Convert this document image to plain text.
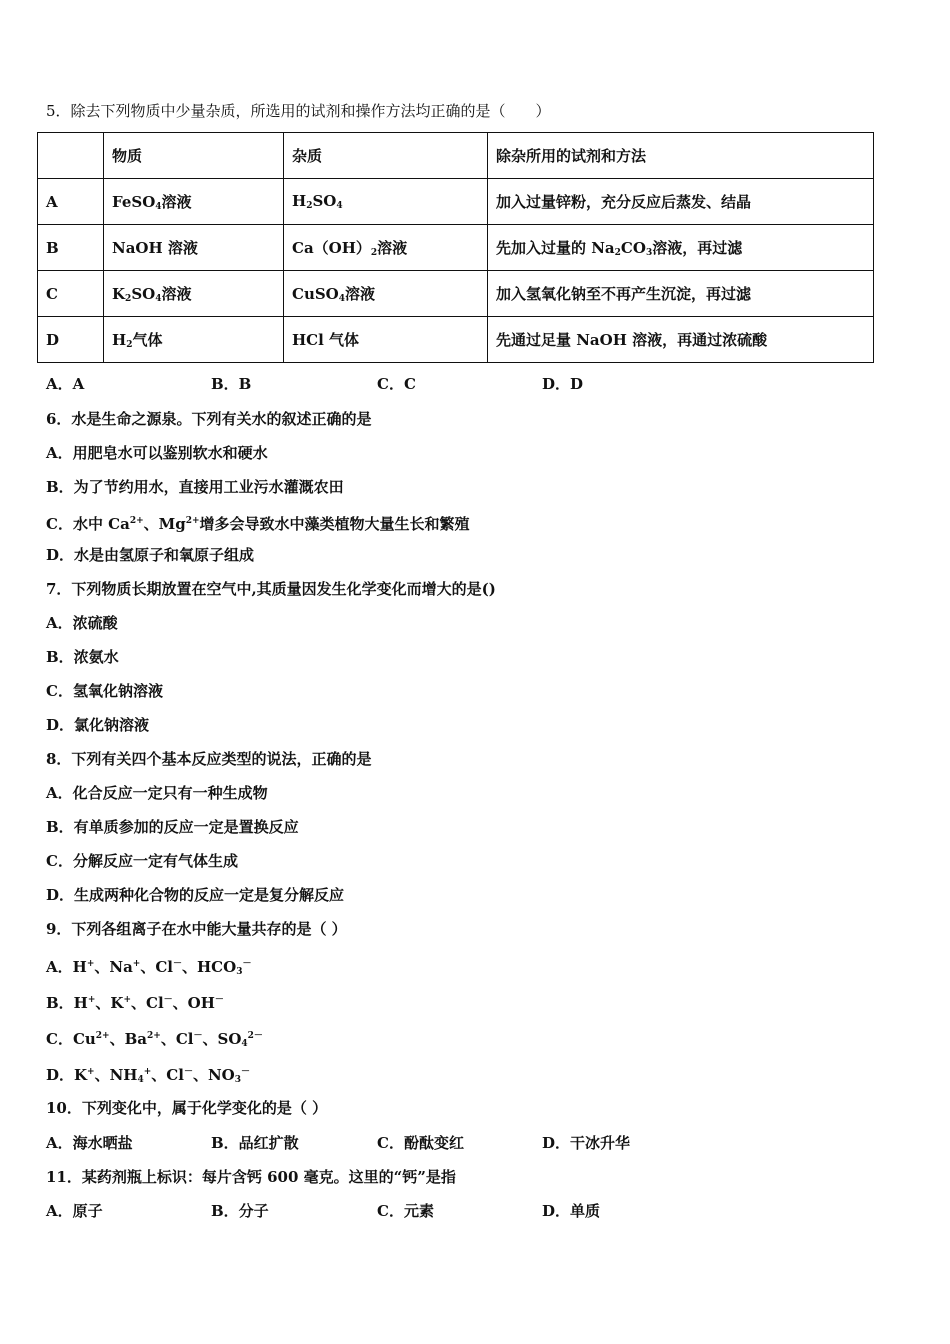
5．除去下列物质中少量杂质，所选用的试剂和操作方法均正确的是（　　）
	物质	杂质	除杂所用的试剂和方法
A	FeSO$_4$溶液	$H_2SO_4$	加入过量锌粉，充分反应后蒸发、结晶
B	NaOH 溶液	$Ca(OH)_2$溶液	先加入过量的 $Na_2CO_3$溶液，再过滤
C	$K_2SO_4$溶液	CuSO$_4$溶液	加入氢氧化钠至不再产生沉淀，再过滤
D	$H_2$气体	HCl 气体	先通过足量 NaOH 溶液，再通过浓硫酸
A．A	B．B	C．C	D．D
6．水是生命之源泉。下列有关水的叙述正确的是
A．用肥皂水可以鉴别软水和硬水
B．为了节约用水，直接用工业污水灌溉农田
C．水中 $Ca^{2+}$、$Mg^{2+}$增多会导致水中藻类植物大量生长和繁殖
D．水是由氢原子和氧原子组成
7．下列物质长期放置在空气中,其质量因发生化学变化而增大的是()
A．浓硫酸
B．浓氨水
C．氢氧化钠溶液
D．氯化钠溶液
8．下列有关四个基本反应类型的说法，正确的是
A．化合反应一定只有一种生成物
B．有单质参加的反应一定是置换反应
C．分解反应一定有气体生成
D．生成两种化合物的反应一定是复分解反应
9．下列各组离子在水中能大量共存的是（ ）
A．H+、Na+、Cl－、$HCO_3^-$
B．H+、K+、Cl－、OH－
C．$Cu^{2+}$、$Ba^{2+}$、Cl－、$SO_4^{2-}$
D．K+、$NH_4^+$、Cl－、$NO_3^-$
10．下列变化中，属于化学变化的是（ ）
A．海水晒盐	B．品红扩散	C．酚酞变红	D．干冰升华
11．某药剂瓶上标识：每片含钙 600 毫克。这里的“钙”是指
A．原子	B．分子	C．元素	D．单质
